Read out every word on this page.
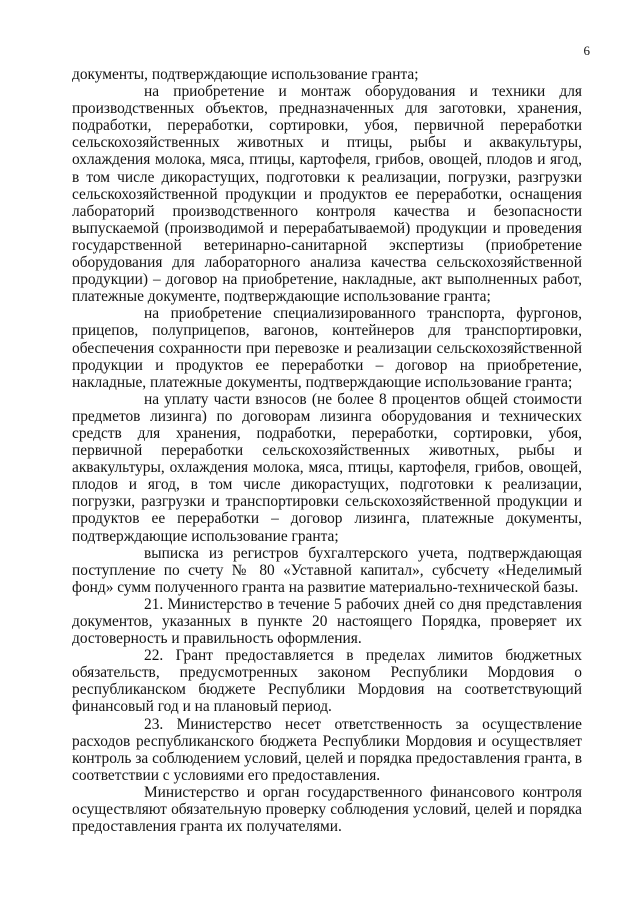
6

документы, подтверждающие использование гранта;

на приобретение и монтаж оборудования и техники для производственных объектов, предназначенных для заготовки, хранения, подработки, переработки, сортировки, убоя, первичной переработки сельскохозяйственных животных и птицы, рыбы и аквакультуры, охлаждения молока, мяса, птицы, картофеля, грибов, овощей, плодов и ягод, в том числе дикорастущих, подготовки к реализации, погрузки, разгрузки сельскохозяйственной продукции и продуктов ее переработки, оснащения лабораторий производственного контроля качества и безопасности выпускаемой (производимой и перерабатываемой) продукции и проведения государственной ветеринарно-санитарной экспертизы (приобретение оборудования для лабораторного анализа качества сельскохозяйственной продукции) – договор на приобретение, накладные, акт выполненных работ, платежные документе, подтверждающие использование гранта;

на приобретение специализированного транспорта, фургонов, прицепов, полуприцепов, вагонов, контейнеров для транспортировки, обеспечения сохранности при перевозке и реализации сельскохозяйственной продукции и продуктов ее переработки – договор на приобретение, накладные, платежные документы, подтверждающие использование гранта;

на уплату части взносов (не более 8 процентов общей стоимости предметов лизинга) по договорам лизинга оборудования и технических средств для хранения, подработки, переработки, сортировки, убоя, первичной переработки сельскохозяйственных животных, рыбы и аквакультуры, охлаждения молока, мяса, птицы, картофеля, грибов, овощей, плодов и ягод, в том числе дикорастущих, подготовки к реализации, погрузки, разгрузки и транспортировки сельскохозяйственной продукции и продуктов ее переработки – договор лизинга, платежные документы, подтверждающие использование гранта;

выписка из регистров бухгалтерского учета, подтверждающая поступление по счету № 80 «Уставной капитал», субсчету «Неделимый фонд» сумм полученного гранта на развитие материально-технической базы.

21. Министерство в течение 5 рабочих дней со дня представления документов, указанных в пункте 20 настоящего Порядка, проверяет их достоверность и правильность оформления.

22. Грант предоставляется в пределах лимитов бюджетных обязательств, предусмотренных законом Республики Мордовия о республиканском бюджете Республики Мордовия на соответствующий финансовый год и на плановый период.

23. Министерство несет ответственность за осуществление расходов республиканского бюджета Республики Мордовия и осуществляет контроль за соблюдением условий, целей и порядка предоставления гранта, в соответствии с условиями его предоставления.

Министерство и орган государственного финансового контроля осуществляют обязательную проверку соблюдения условий, целей и порядка предоставления гранта их получателями.
